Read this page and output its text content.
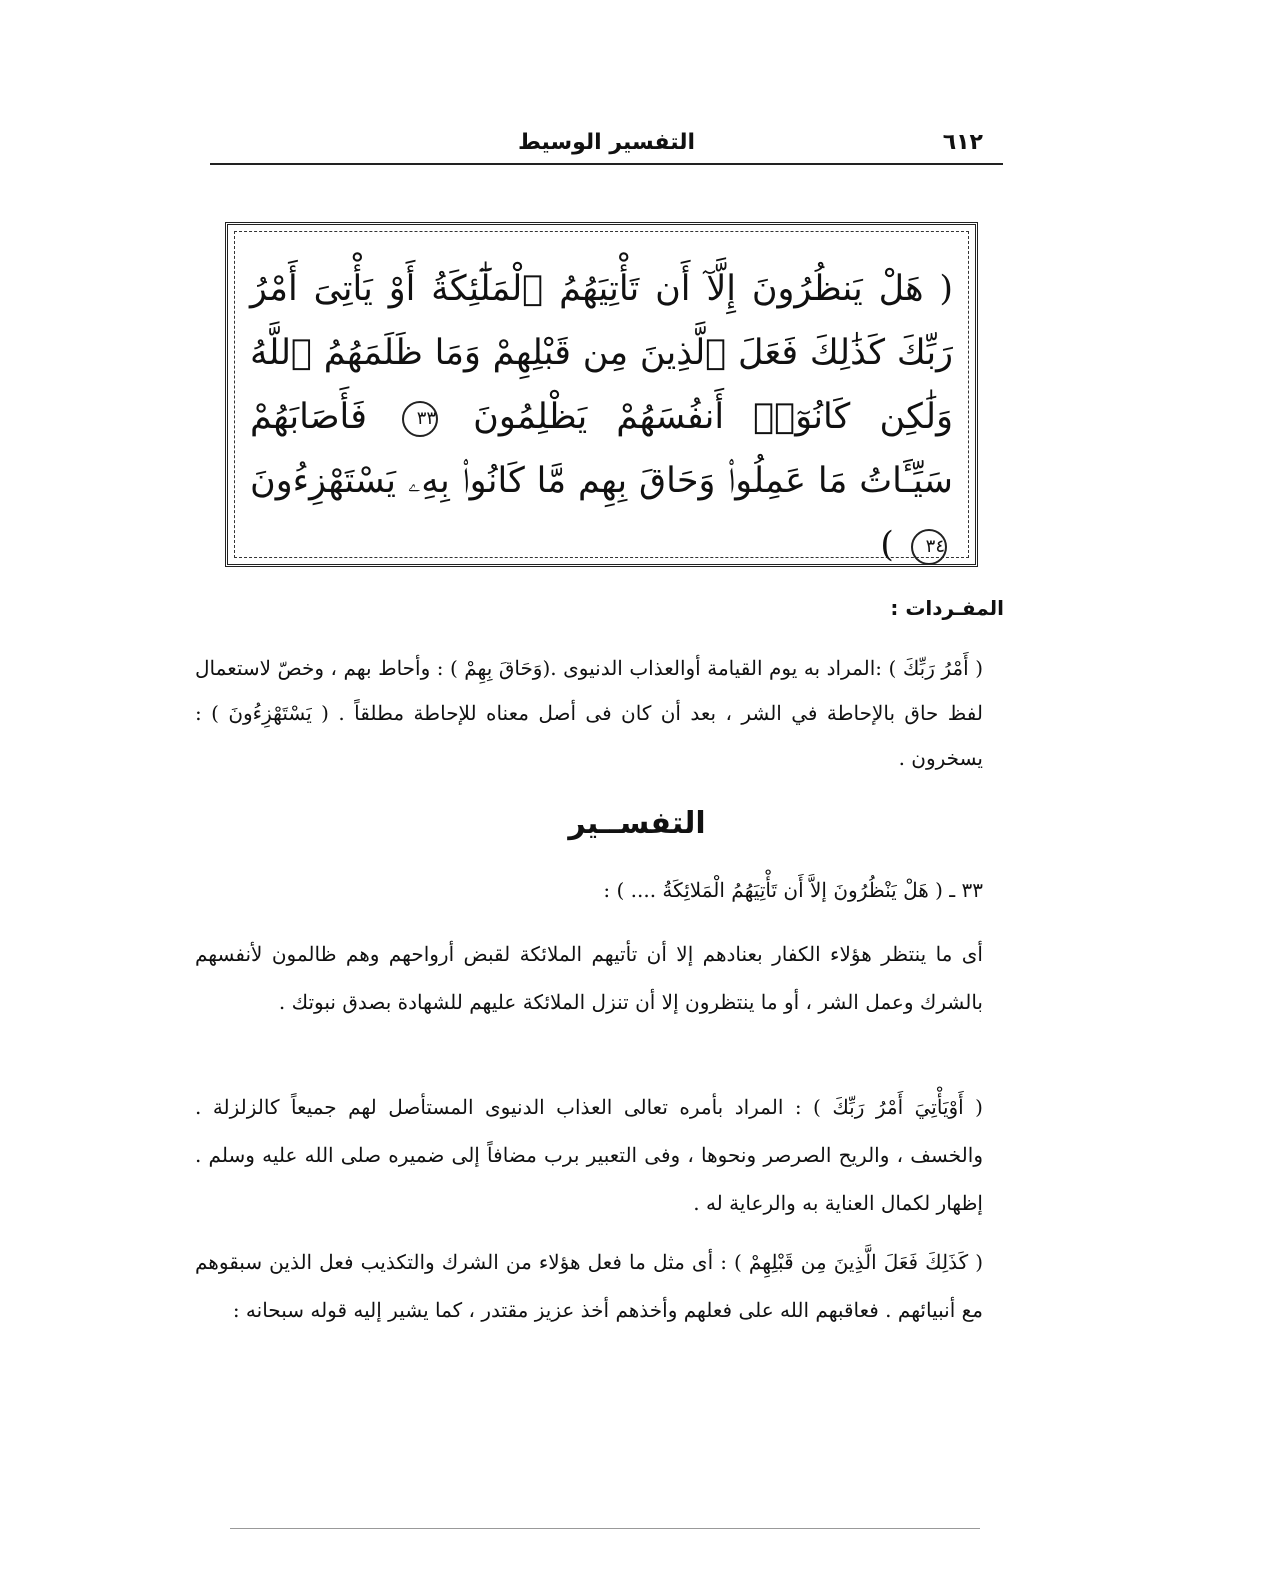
٦١٢
التفسير الوسيط
( هَلْ يَنظُرُونَ إِلَّآ أَن تَأْتِيَهُمُ ٱلْمَلَٰٓئِكَةُ أَوْ يَأْتِىَ أَمْرُ رَبِّكَ كَذَٰلِكَ فَعَلَ ٱلَّذِينَ مِن قَبْلِهِمْ وَمَا ظَلَمَهُمُ ٱللَّهُ وَلَٰكِن كَانُوٓا۟ أَنفُسَهُمْ يَظْلِمُونَ ٣٣ فَأَصَابَهُمْ سَيِّـَٔاتُ مَا عَمِلُوا۟ وَحَاقَ بِهِم مَّا كَانُوا۟ بِهِۦ يَسْتَهْزِءُونَ ٣٤ )
المفـردات :
( أَمْرُ رَبِّكَ ) :المراد به يوم القيامة أوالعذاب الدنيوى .(وَحَاقَ بِهِمْ ) : وأحاط بهم ، وخصّ لاستعمال لفظ حاق بالإحاطة في الشر ، بعد أن كان فى أصل معناه للإحاطة مطلقاً . ( يَسْتَهْزِءُونَ ) : يسخرون .
التفســير
٣٣ ـ ( هَلْ يَنْظُرُونَ إلاَّ أَن تَأْتِيَهُمُ الْمَلائِكَةُ .... ) :
أى ما ينتظر هؤلاء الكفار بعنادهم إلا أن تأتيهم الملائكة لقبض أرواحهم وهم ظالمون لأنفسهم بالشرك وعمل الشر ، أو ما ينتظرون إلا أن تنزل الملائكة عليهم للشهادة بصدق نبوتك .
( أَوْيَأْتِيَ أَمْرُ رَبِّكَ ) : المراد بأمره تعالى العذاب الدنيوى المستأصل لهم جميعاً كالزلزلة . والخسف ، والريح الصرصر ونحوها ، وفى التعبير برب مضافاً إلى ضميره صلى الله عليه وسلم . إظهار لكمال العناية به والرعاية له .
( كَذَلِكَ فَعَلَ الَّذِينَ مِن قَبْلِهِمْ ) : أى مثل ما فعل هؤلاء من الشرك والتكذيب فعل الذين سبقوهم مع أنبيائهم . فعاقبهم الله على فعلهم وأخذهم أخذ عزيز مقتدر ، كما يشير إليه قوله سبحانه :
